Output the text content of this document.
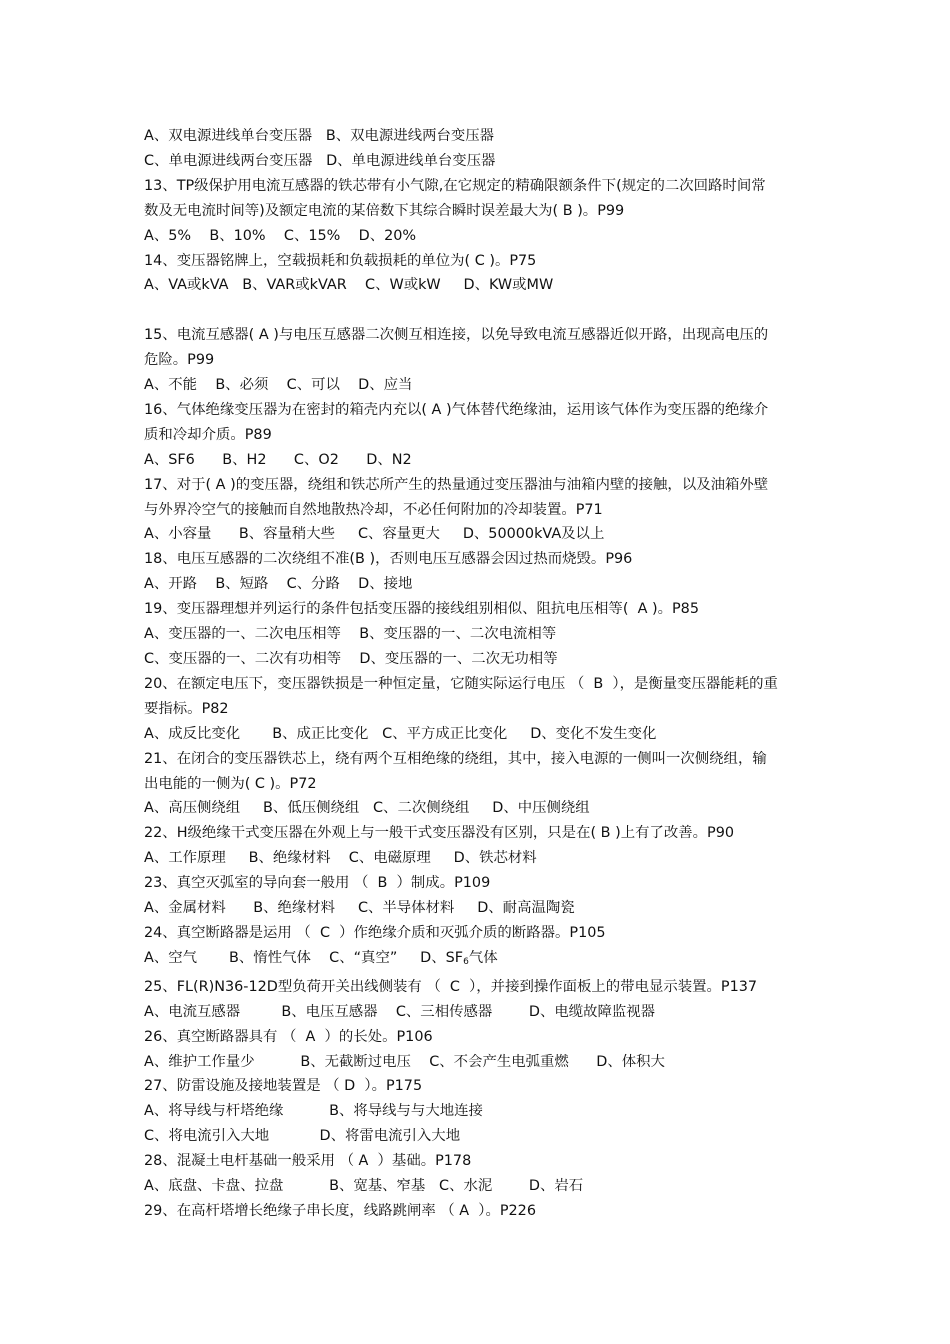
A、双电源进线单台变压器   B、双电源进线两台变压器

C、单电源进线两台变压器   D、单电源进线单台变压器

13、TP级保护用电流互感器的铁芯带有小气隙,在它规定的精确限额条件下(规定的二次回路时间常

数及无电流时间等)及额定电流的某倍数下其综合瞬时误差最大为( B )。P99

A、5%    B、10%    C、15%    D、20%

14、变压器铭牌上，空载损耗和负载损耗的单位为( C )。P75

A、VA或kVA   B、VAR或kVAR    C、W或kW     D、KW或MW

15、电流互感器( A )与电压互感器二次侧互相连接，以免导致电流互感器近似开路，出现高电压的

危险。P99

A、不能    B、必须    C、可以    D、应当

16、气体绝缘变压器为在密封的箱壳内充以( A )气体替代绝缘油，运用该气体作为变压器的绝缘介

质和冷却介质。P89

A、SF6      B、H2      C、O2      D、N2

17、对于( A )的变压器，绕组和铁芯所产生的热量通过变压器油与油箱内壁的接触，以及油箱外壁

与外界冷空气的接触而自然地散热冷却，不必任何附加的冷却装置。P71

A、小容量      B、容量稍大些     C、容量更大     D、50000kVA及以上

18、电压互感器的二次绕组不准(B )，否则电压互感器会因过热而烧毁。P96

A、开路    B、短路    C、分路    D、接地

19、变压器理想并列运行的条件包括变压器的接线组别相似、阻抗电压相等(  A )。P85

A、变压器的一、二次电压相等    B、变压器的一、二次电流相等

C、变压器的一、二次有功相等    D、变压器的一、二次无功相等

20、在额定电压下，变压器铁损是一种恒定量，它随实际运行电压 （  B  ），是衡量变压器能耗的重

要指标。P82

A、成反比变化       B、成正比变化   C、平方成正比变化     D、变化不发生变化

21、在闭合的变压器铁芯上，绕有两个互相绝缘的绕组，其中，接入电源的一侧叫一次侧绕组，输

出电能的一侧为( C )。P72

A、高压侧绕组     B、低压侧绕组   C、二次侧绕组     D、中压侧绕组

22、H级绝缘干式变压器在外观上与一般干式变压器没有区别，只是在( B )上有了改善。P90

A、工作原理     B、绝缘材料    C、电磁原理     D、铁芯材料

23、真空灭弧室的导向套一般用 （  B  ）制成。P109

A、金属材料      B、绝缘材料     C、半导体材料     D、耐高温陶瓷

24、真空断路器是运用 （  C  ）作绝缘介质和灭弧介质的断路器。P105

A、空气       B、惰性气体    C、“真空”     D、$SF_6$气体

25、FL(R)N36-12D型负荷开关出线侧装有 （  C  ），并接到操作面板上的带电显示装置。P137

A、电流互感器         B、电压互感器    C、三相传感器        D、电缆故障监视器

26、真空断路器具有 （  A  ）的长处。P106

A、维护工作量少          B、无截断过电压    C、不会产生电弧重燃      D、体积大

27、防雷设施及接地装置是 （ D  ）。P175

A、将导线与杆塔绝缘          B、将导线与与大地连接

C、将电流引入大地           D、将雷电流引入大地

28、混凝土电杆基础一般采用 （ A  ）基础。P178

A、底盘、卡盘、拉盘          B、宽基、窄基   C、水泥        D、岩石

29、在高杆塔增长绝缘子串长度，线路跳闸率 （ A  ）。P226
